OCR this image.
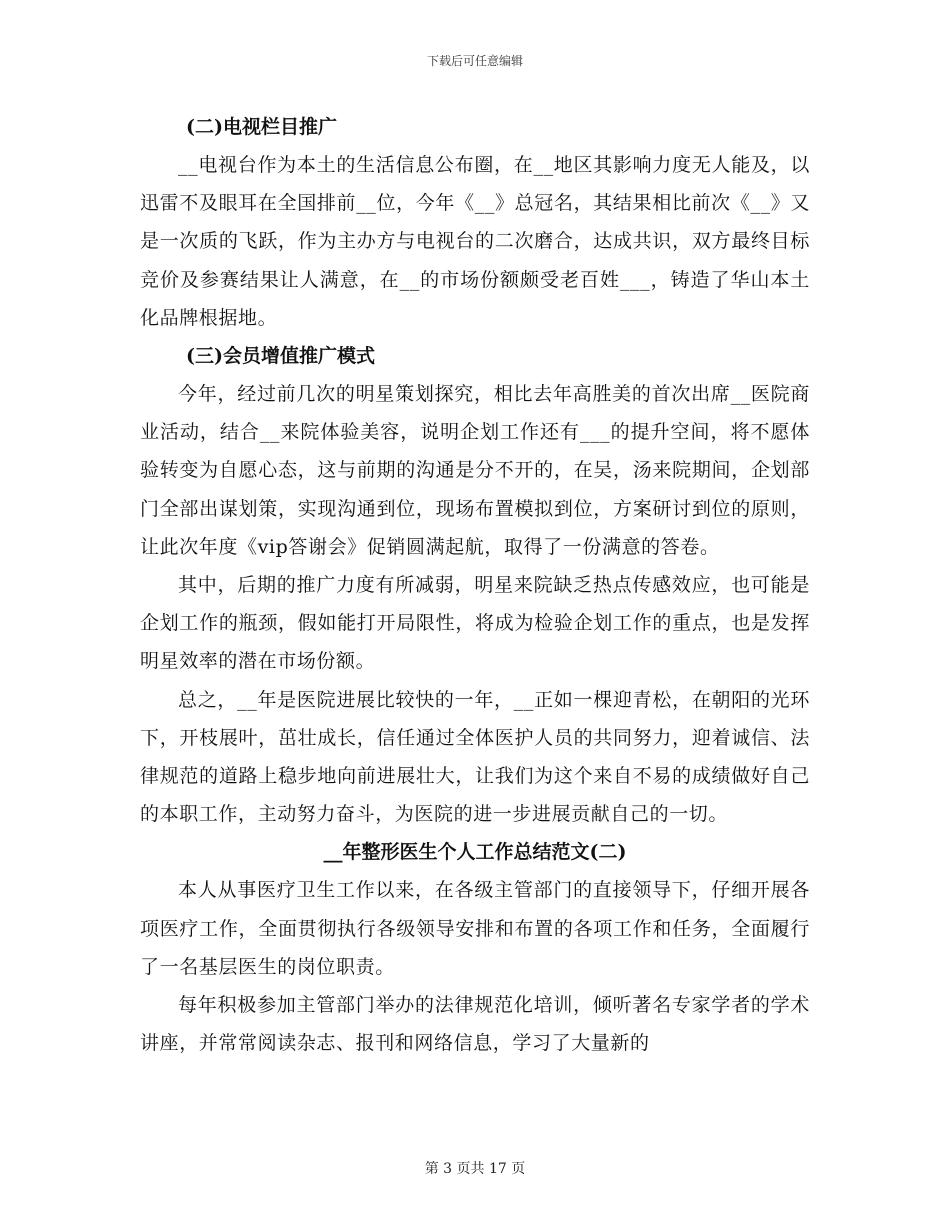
下载后可任意编辑

(二)电视栏目推广

__电视台作为本土的生活信息公布圈，在__地区其影响力度无人能及，以迅雷不及眼耳在全国排前__位，今年《__》总冠名，其结果相比前次《__》又是一次质的飞跃，作为主办方与电视台的二次磨合，达成共识，双方最终目标竞价及参赛结果让人满意，在__的市场份额颇受老百姓___，铸造了华山本土化品牌根据地。

(三)会员增值推广模式

今年，经过前几次的明星策划探究，相比去年高胜美的首次出席__医院商业活动，结合__来院体验美容，说明企划工作还有___的提升空间，将不愿体验转变为自愿心态，这与前期的沟通是分不开的，在吴，汤来院期间，企划部门全部出谋划策，实现沟通到位，现场布置模拟到位，方案研讨到位的原则，让此次年度《vip答谢会》促销圆满起航，取得了一份满意的答卷。

其中，后期的推广力度有所减弱，明星来院缺乏热点传感效应，也可能是企划工作的瓶颈，假如能打开局限性，将成为检验企划工作的重点，也是发挥明星效率的潜在市场份额。

总之，__年是医院进展比较快的一年，__正如一棵迎青松，在朝阳的光环下，开枝展叶，茁壮成长，信任通过全体医护人员的共同努力，迎着诚信、法律规范的道路上稳步地向前进展壮大，让我们为这个来自不易的成绩做好自己的本职工作，主动努力奋斗，为医院的进一步进展贡献自己的一切。

__年整形医生个人工作总结范文(二)

本人从事医疗卫生工作以来，在各级主管部门的直接领导下，仔细开展各项医疗工作，全面贯彻执行各级领导安排和布置的各项工作和任务，全面履行了一名基层医生的岗位职责。

每年积极参加主管部门举办的法律规范化培训，倾听著名专家学者的学术讲座，并常常阅读杂志、报刊和网络信息，学习了大量新的

第 3 页共 17 页
